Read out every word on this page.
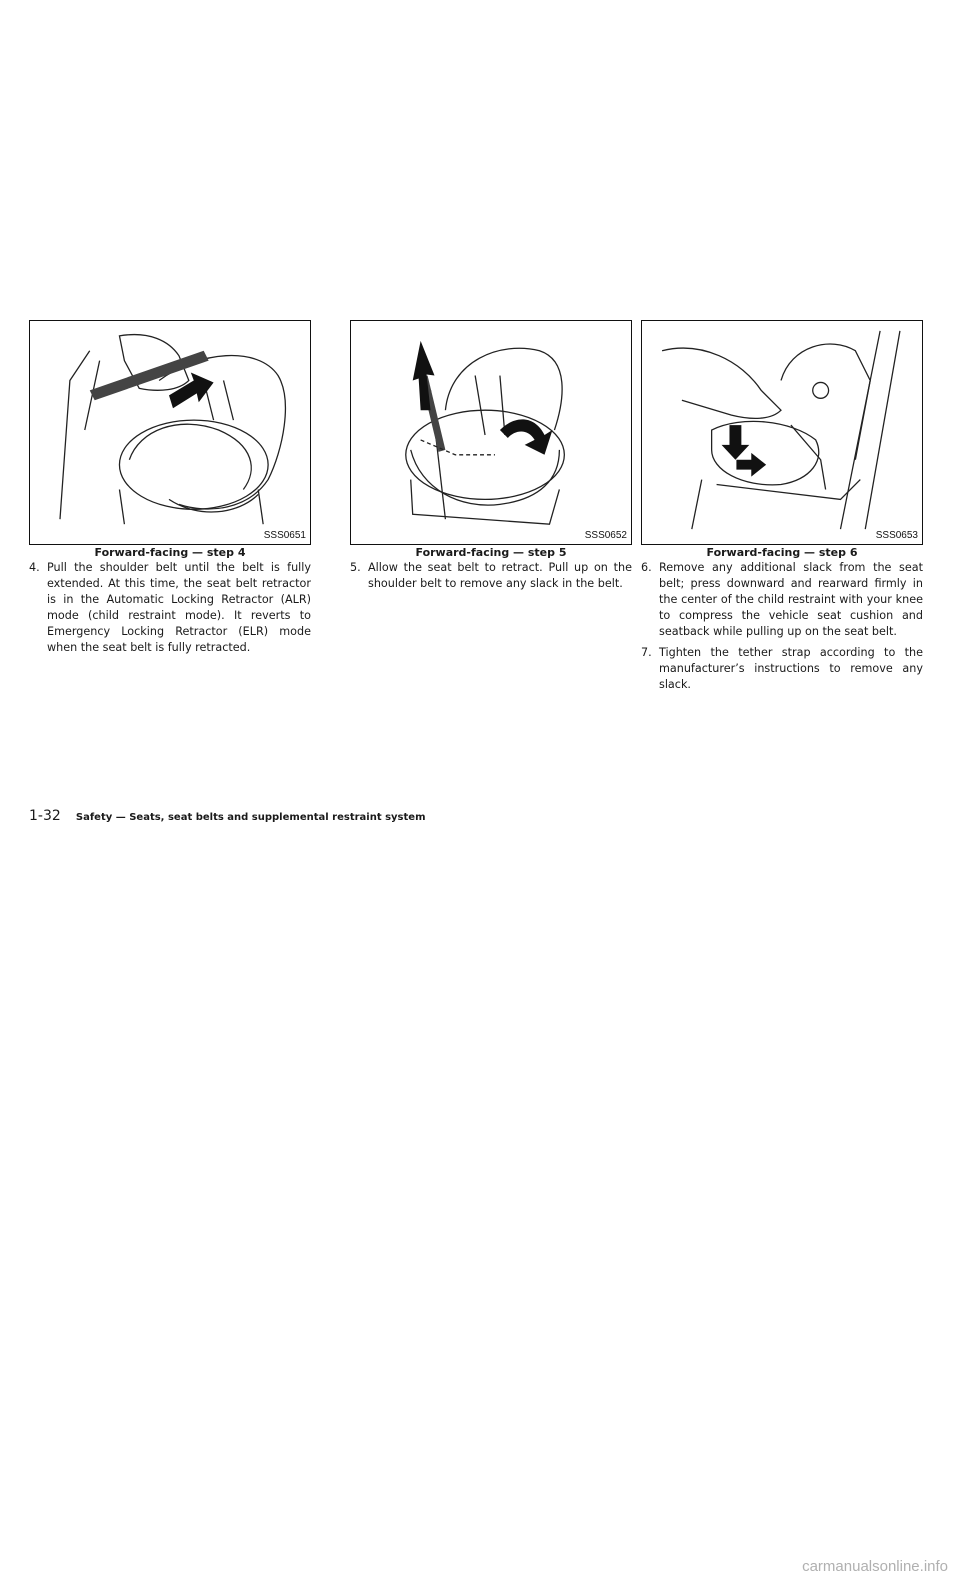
SSS0651
Forward-facing — step 4

4. Pull the shoulder belt until the belt is fully extended. At this time, the seat belt retractor is in the Automatic Locking Retractor (ALR) mode (child restraint mode). It reverts to Emergency Locking Retractor (ELR) mode when the seat belt is fully retracted.

SSS0652
Forward-facing — step 5

5. Allow the seat belt to retract. Pull up on the shoulder belt to remove any slack in the belt.

SSS0653
Forward-facing — step 6

6. Remove any additional slack from the seat belt; press downward and rearward firmly in the center of the child restraint with your knee to compress the vehicle seat cushion and seatback while pulling up on the seat belt.

7. Tighten the tether strap according to the manufacturer’s instructions to remove any slack.

1-32 Safety — Seats, seat belts and supplemental restraint system
carmanualsonline.info
